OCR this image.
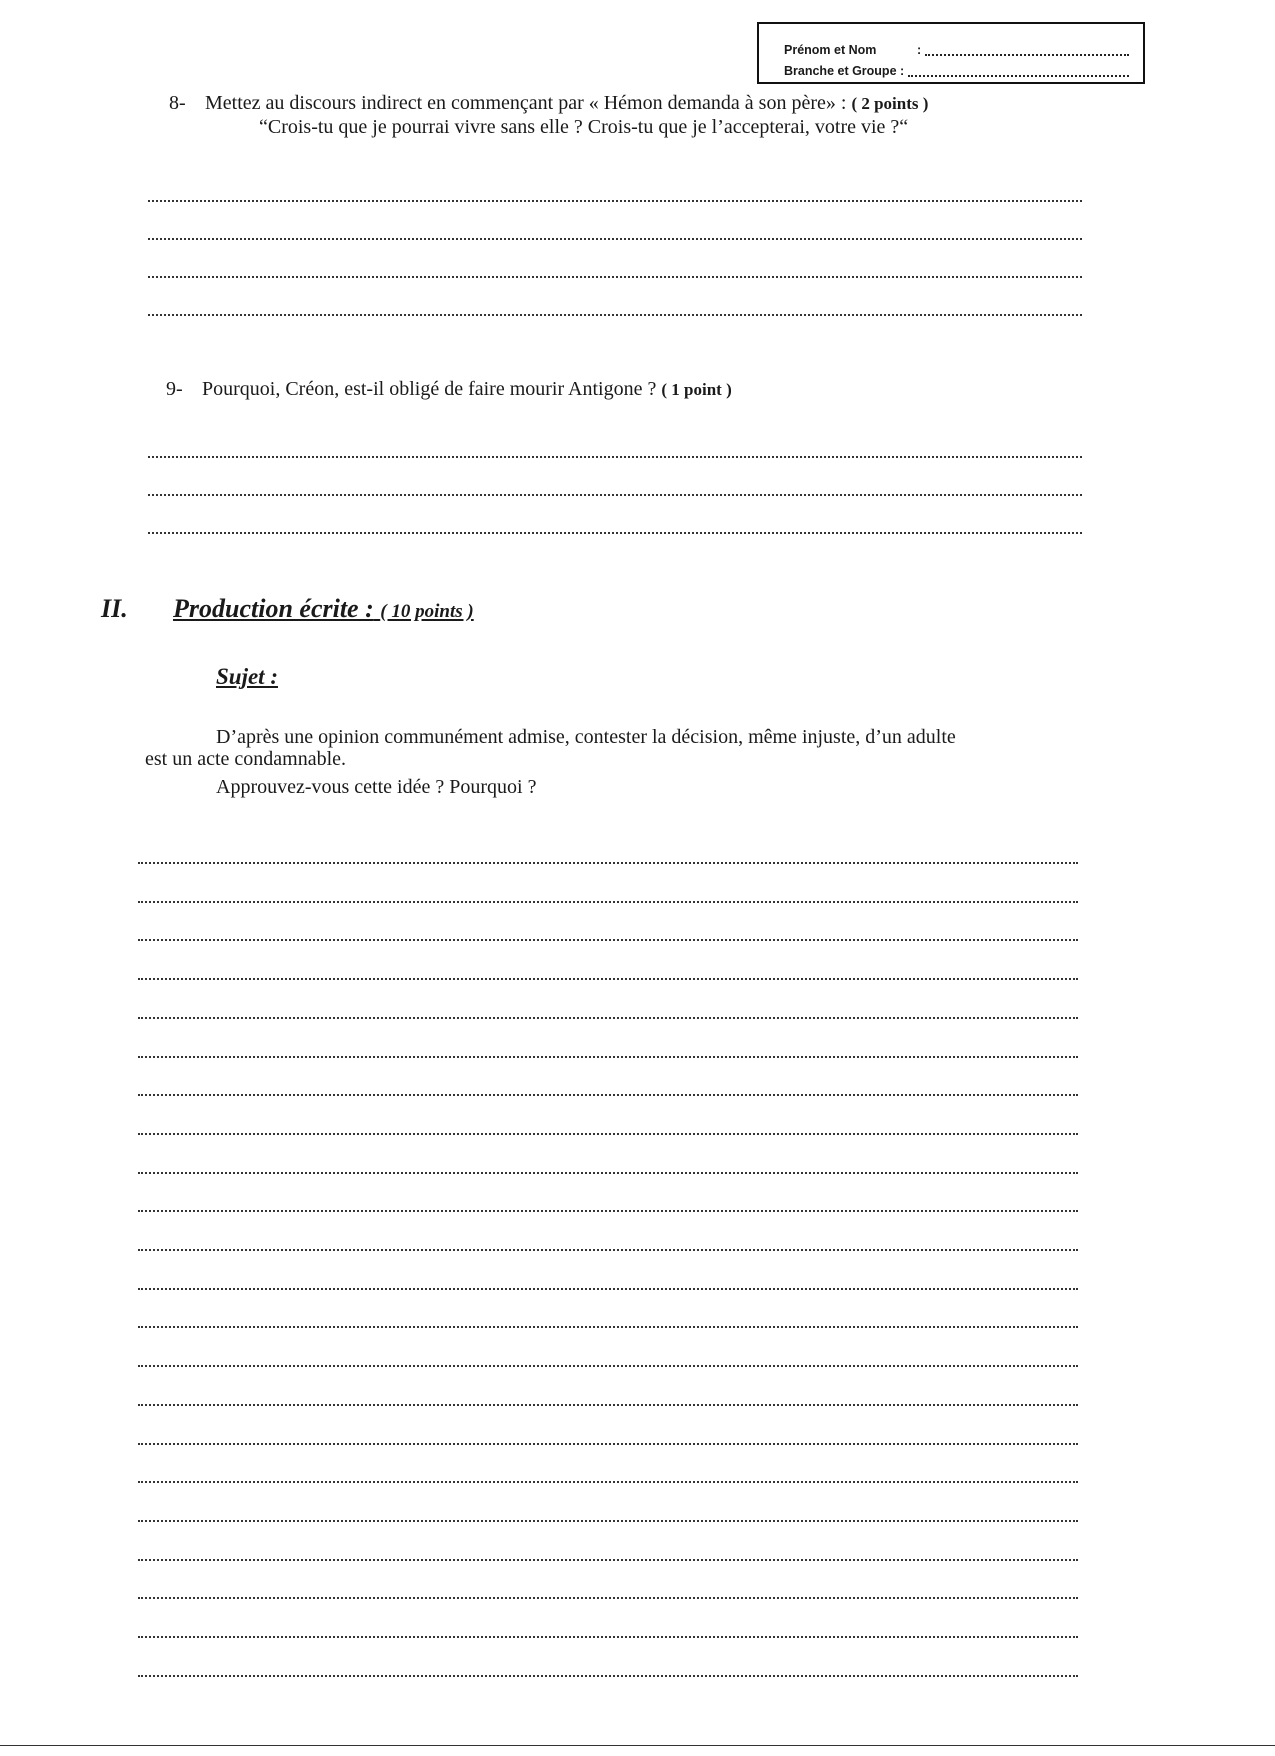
Prénom et Nom	:
Branche et Groupe :
8- Mettez au discours indirect en commençant par « Hémon demanda à son père» : ( 2 points )
“Crois-tu que je pourrai vivre sans elle ? Crois-tu que je l’accepterai, votre vie ?“
9- Pourquoi, Créon, est-il obligé de faire mourir Antigone ? ( 1 point )
II. Production écrite : ( 10 points )
Sujet :
D’après une opinion communément admise, contester la décision, même injuste, d’un adulte
est un acte condamnable.
Approuvez-vous cette idée ? Pourquoi ?
